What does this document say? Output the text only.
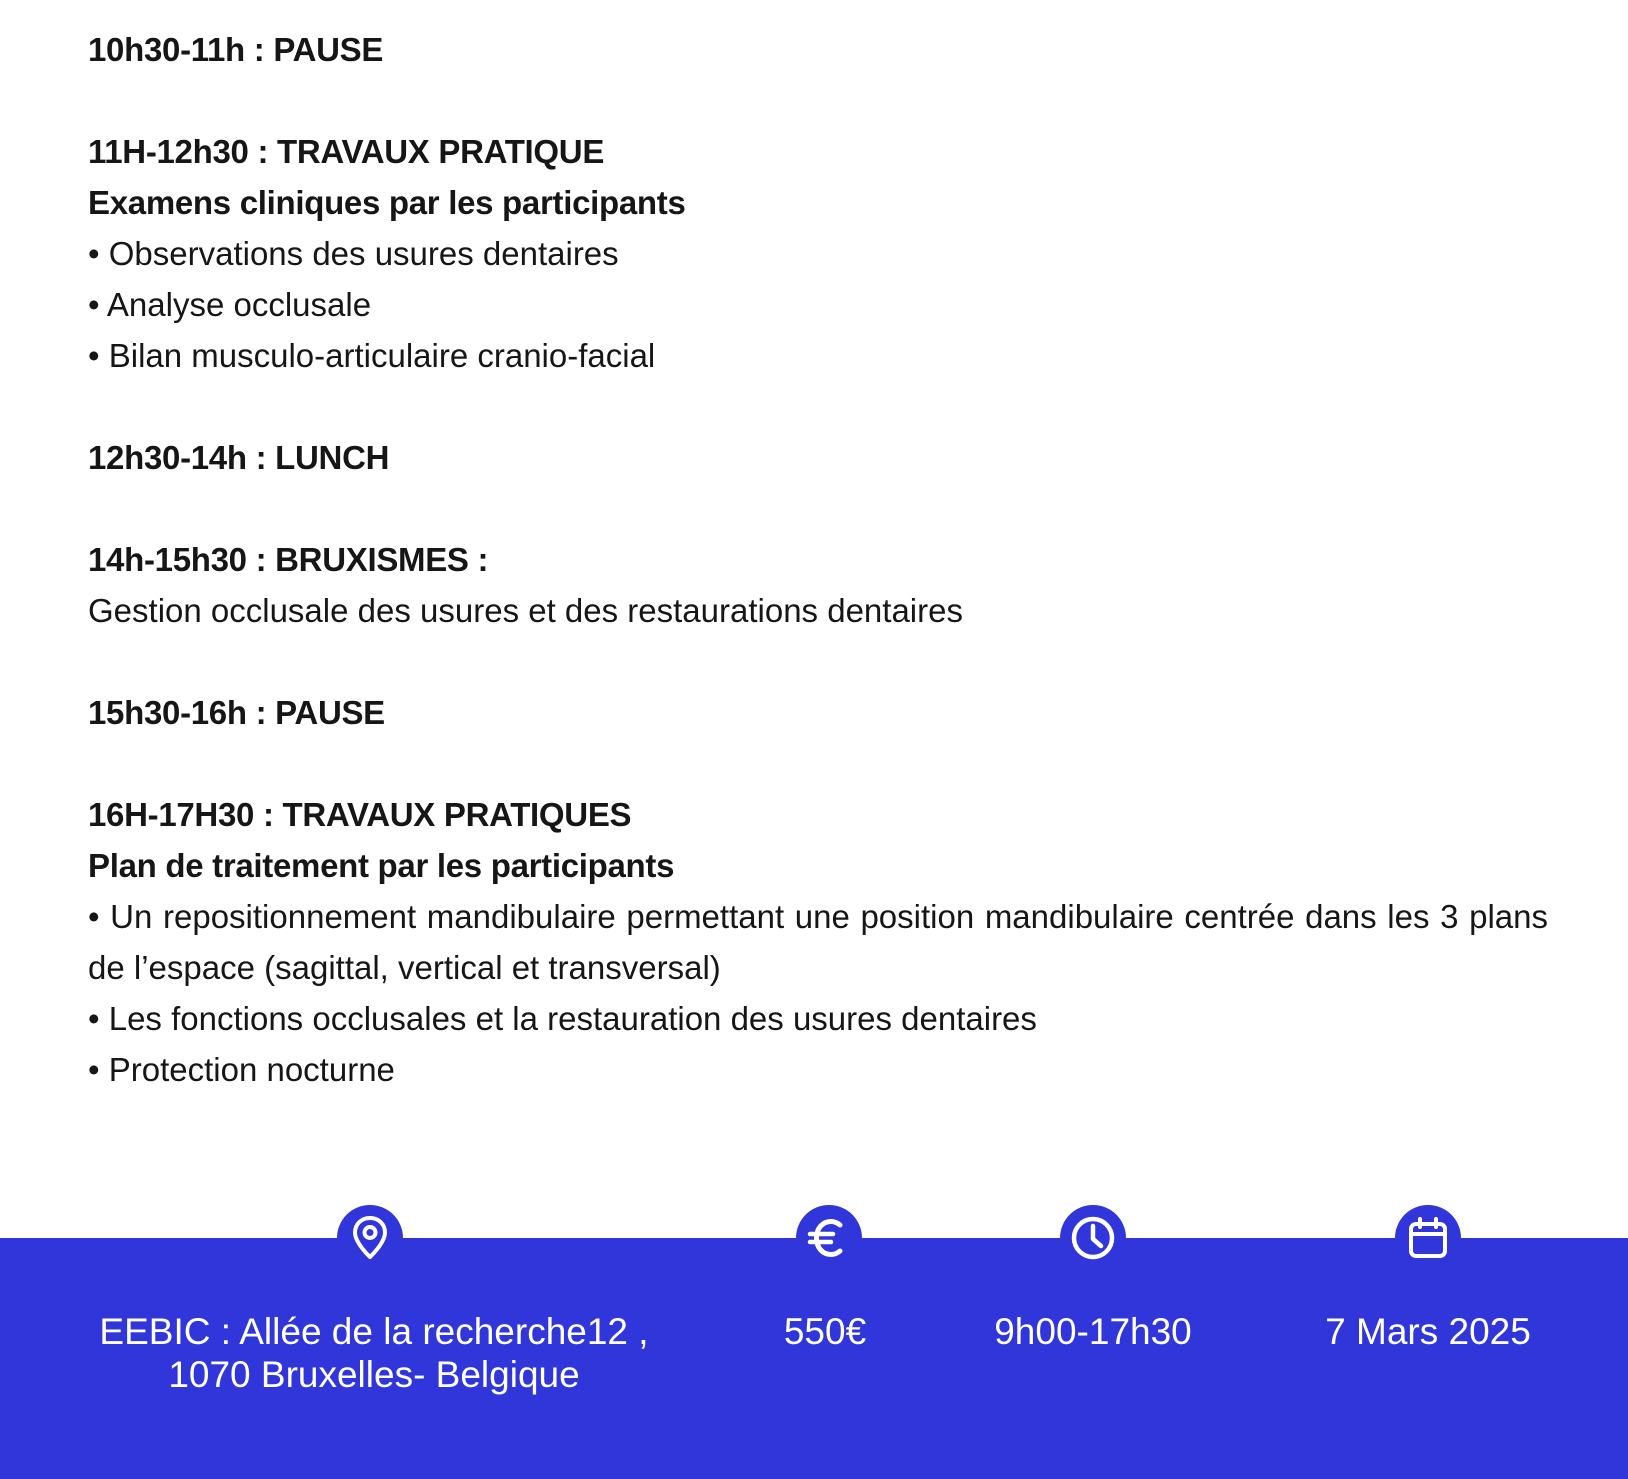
10h30-11h : PAUSE
11H-12h30 : TRAVAUX PRATIQUE
Examens cliniques par les participants
• Observations des usures dentaires
• Analyse occlusale
• Bilan musculo-articulaire cranio-facial
12h30-14h : LUNCH
14h-15h30 : BRUXISMES :
Gestion occlusale des usures et des restaurations dentaires
15h30-16h : PAUSE
16H-17H30 : TRAVAUX PRATIQUES
Plan de traitement par les participants
• Un repositionnement mandibulaire permettant une position mandibulaire centrée dans les 3 plans de l’espace (sagittal, vertical et transversal)
• Les fonctions occlusales et la restauration des usures dentaires
• Protection nocturne
EEBIC : Allée de la recherche12 ,
1070 Bruxelles- Belgique
550€	9h00-17h30	7 Mars 2025
